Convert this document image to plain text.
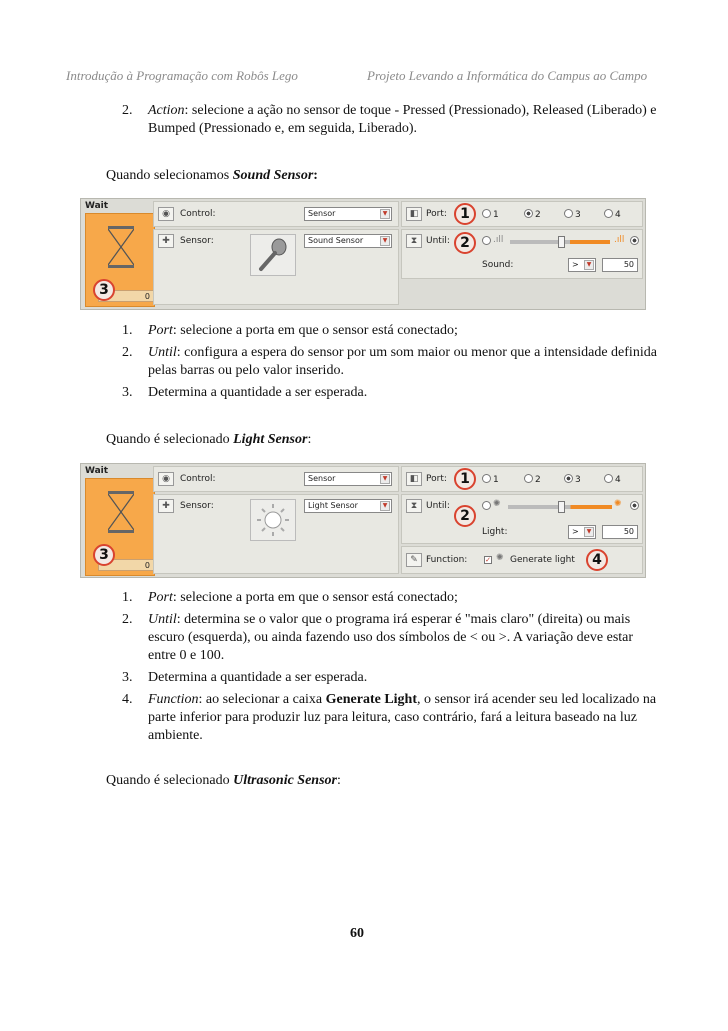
Introdução à Programação com Robôs Lego	Projeto Levando a Informática do Campus ao Campo
2.	Action: selecione a ação no sensor de toque - Pressed (Pressionado), Released (Liberado) e Bumped (Pressionado e, em seguida, Liberado).
Quando selecionamos Sound Sensor:
Wait
0
3
◉	Control:	Sensor	▼
✚	Sensor:	Sound Sensor	▼
◧ Port: 1	1	2	3	4
⧗ Until: 2	.ıll	.ıll
Sound:	>	▼	50
1.	Port: selecione a porta em que o sensor está conectado;
2.	Until: configura a espera do sensor por um som maior ou menor que a intensidade definida pelas barras ou pelo valor inserido.
3.	Determina a quantidade a ser esperada.
Quando é selecionado Light Sensor:
Wait
0
3
◉	Control:	Sensor	▼
✚	Sensor:	Light Sensor	▼
◧ Port: 1	1	2	3	4
⧗ Until:
2
✺	✺
Light:	>	▼	50
✎ Function:	✓ ✺ Generate light	4
1.	Port: selecione a porta em que o sensor está conectado;
2.	Until: determina se o valor que o programa irá esperar é "mais claro" (direita) ou mais escuro (esquerda), ou ainda fazendo uso dos símbolos de < ou >. A variação deve estar entre 0 e 100.
3.	Determina a quantidade a ser esperada.
4.	Function: ao selecionar a caixa Generate Light, o sensor irá acender seu led localizado na parte inferior para produzir luz para leitura, caso contrário, fará a leitura baseado na luz ambiente.
Quando é selecionado Ultrasonic Sensor:
60
